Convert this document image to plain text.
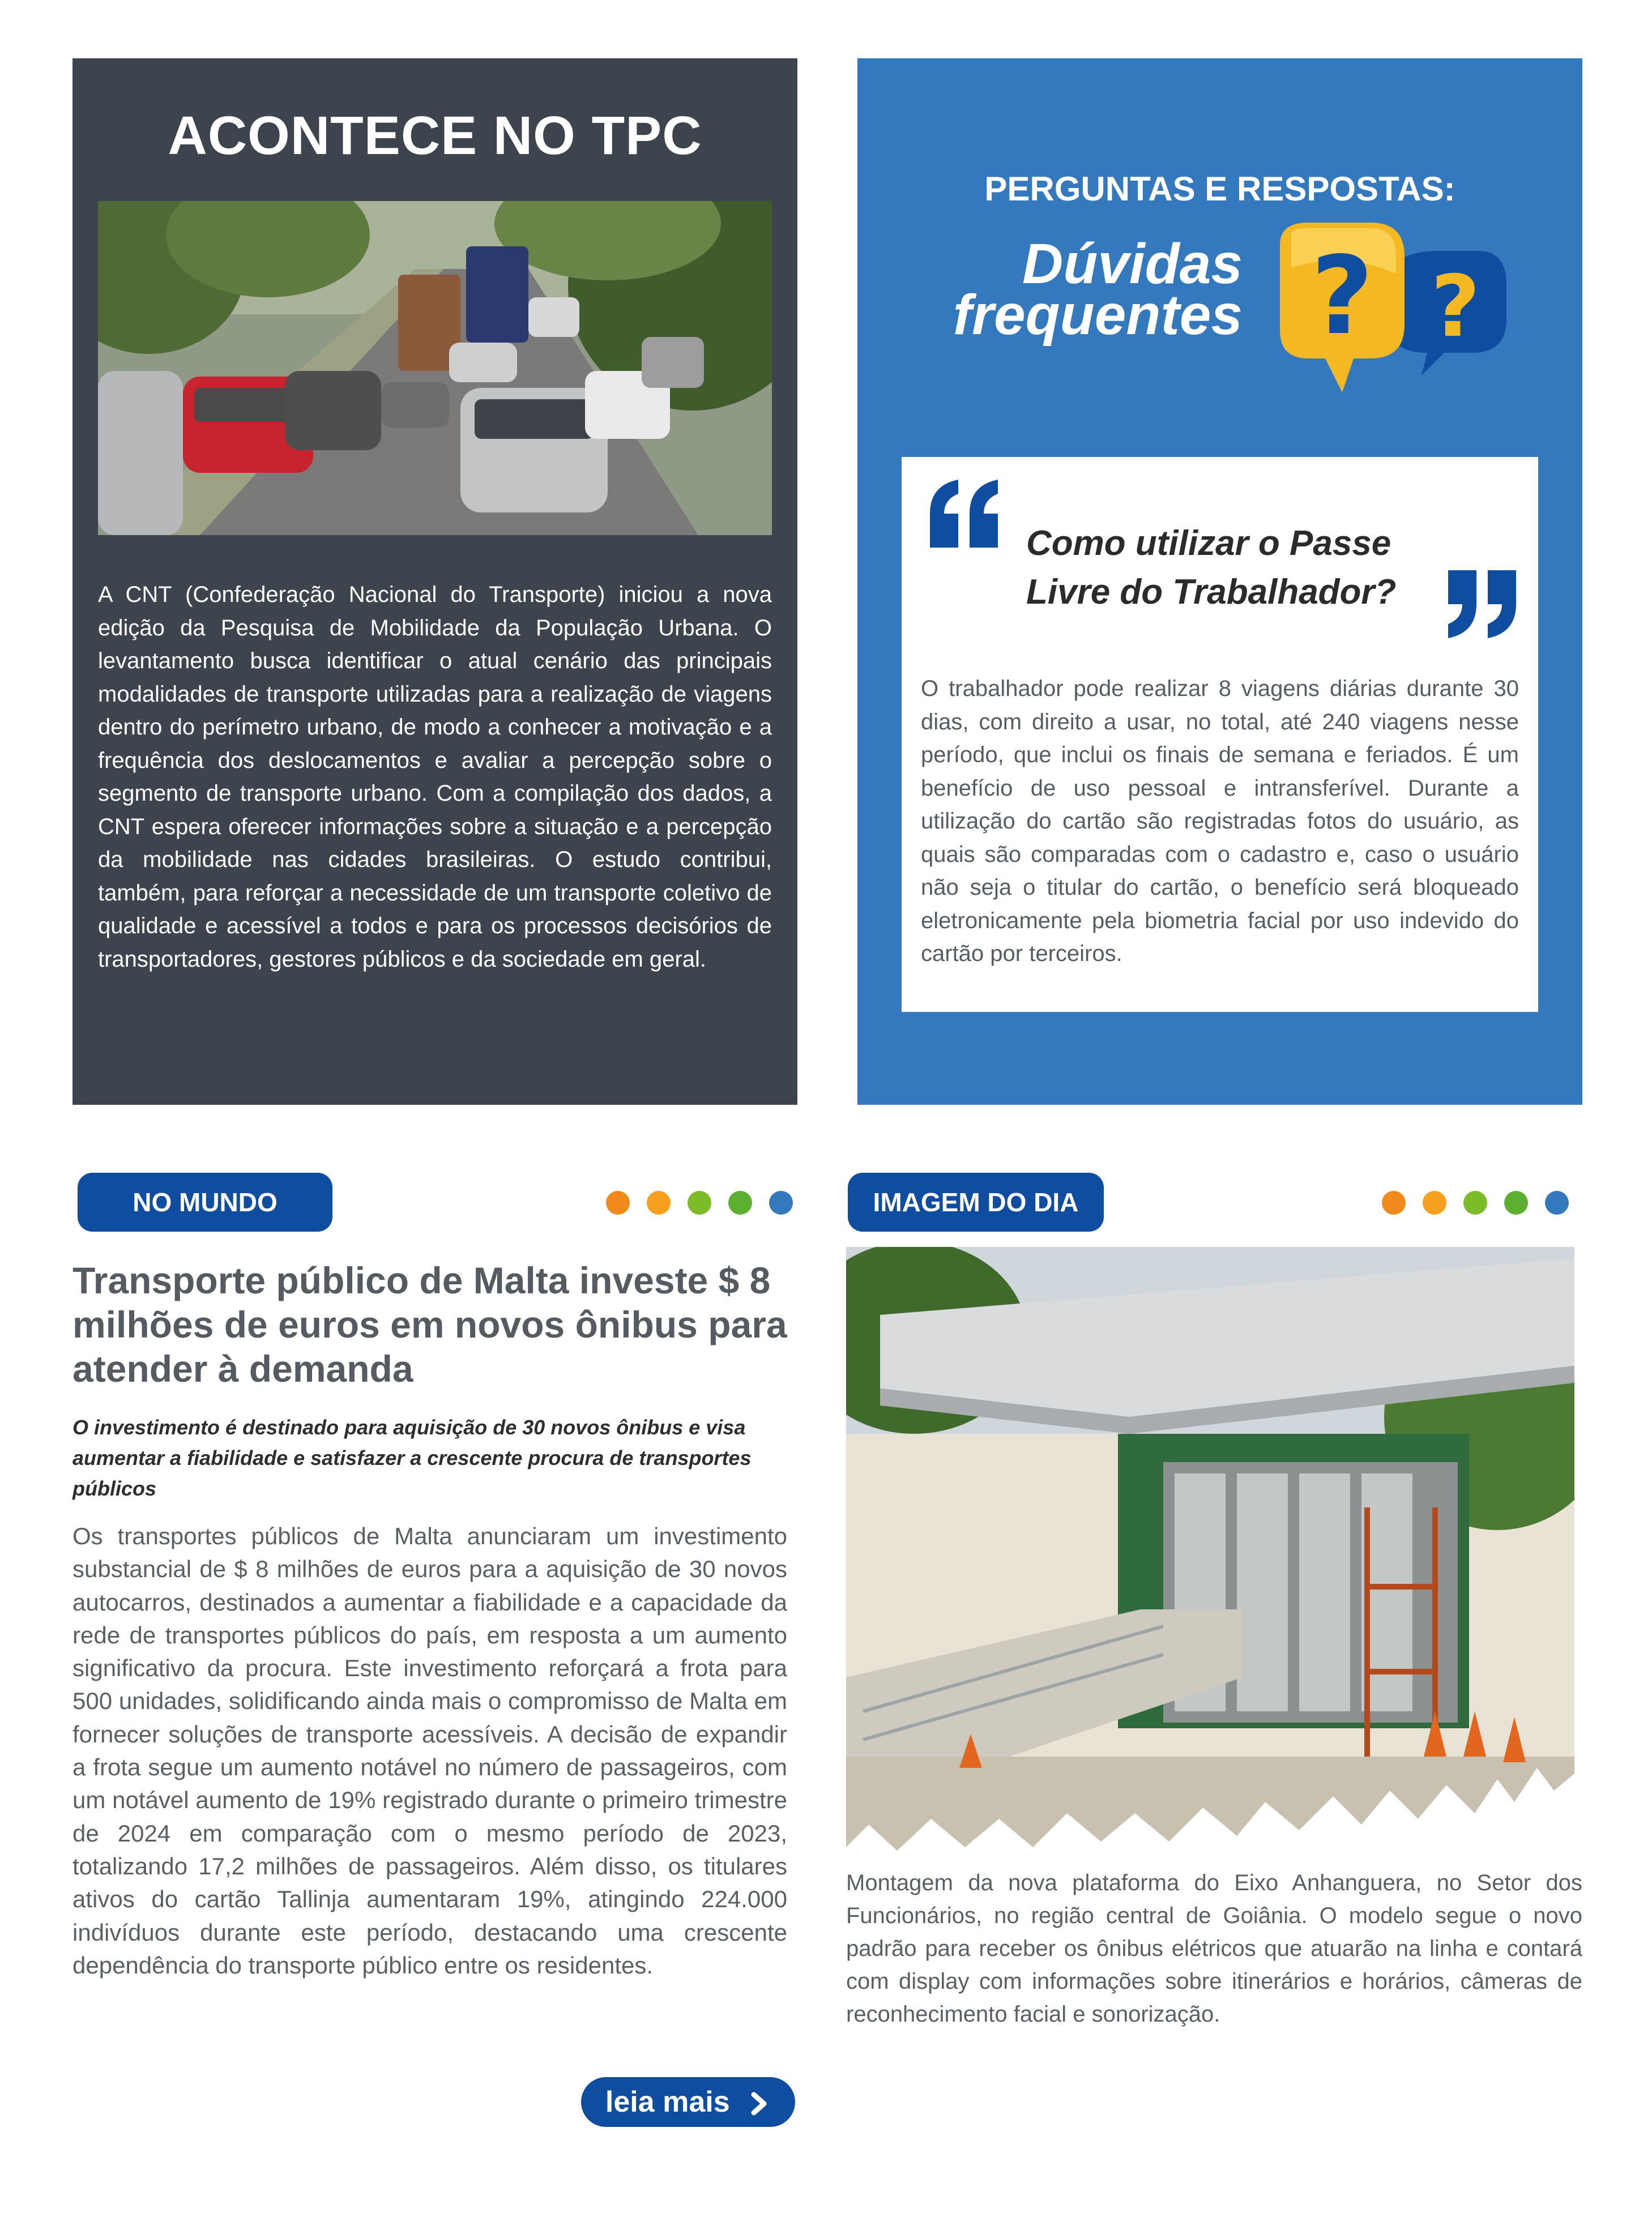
ACONTECE NO TPC

A CNT (Confederação Nacional do Transporte) iniciou a nova edição da Pesquisa de Mobilidade da População Urbana. O levantamento busca identificar o atual cenário das principais modalidades de transporte utilizadas para a realização de viagens dentro do perímetro urbano, de modo a conhecer a motivação e a frequência dos deslocamentos e avaliar a percepção sobre o segmento de transporte urbano. Com a compilação dos dados, a CNT espera oferecer informações sobre a situação e a percepção da mobilidade nas cidades brasileiras. O estudo contribui, também, para reforçar a necessidade de um transporte coletivo de qualidade e acessível a todos e para os processos decisórios de transportadores, gestores públicos e da sociedade em geral.

PERGUNTAS E RESPOSTAS:
Dúvidas
frequentes ? ?
Como utilizar o Passe
Livre do Trabalhador?

O trabalhador pode realizar 8 viagens diárias durante 30 dias, com direito a usar, no total, até 240 viagens nesse período, que inclui os finais de semana e feriados. É um benefício de uso pessoal e intransferível. Durante a utilização do cartão são registradas fotos do usuário, as quais são comparadas com o cadastro e, caso o usuário não seja o titular do cartão, o benefício será bloqueado eletronicamente pela biometria facial por uso indevido do cartão por terceiros.

NO MUNDO
Transporte público de Malta investe $ 8 milhões de euros em novos ônibus para atender à demanda

O investimento é destinado para aquisição de 30 novos ônibus e visa aumentar a fiabilidade e satisfazer a crescente procura de transportes públicos

Os transportes públicos de Malta anunciaram um investimento substancial de $ 8 milhões de euros para a aquisição de 30 novos autocarros, destinados a aumentar a fiabilidade e a capacidade da rede de transportes públicos do país, em resposta a um aumento significativo da procura. Este investimento reforçará a frota para 500 unidades, solidificando ainda mais o compromisso de Malta em fornecer soluções de transporte acessíveis. A decisão de expandir a frota segue um aumento notável no número de passageiros, com um notável aumento de 19% registrado durante o primeiro trimestre de 2024 em comparação com o mesmo período de 2023, totalizando 17,2 milhões de passageiros. Além disso, os titulares ativos do cartão Tallinja aumentaram 19%, atingindo 224.000 indivíduos durante este período, destacando uma crescente dependência do transporte público entre os residentes.

leia mais
IMAGEM DO DIA

Montagem da nova plataforma do Eixo Anhanguera, no Setor dos Funcionários, no região central de Goiânia. O modelo segue o novo padrão para receber os ônibus elétricos que atuarão na linha e contará com display com informações sobre itinerários e horários, câmeras de reconhecimento facial e sonorização.
